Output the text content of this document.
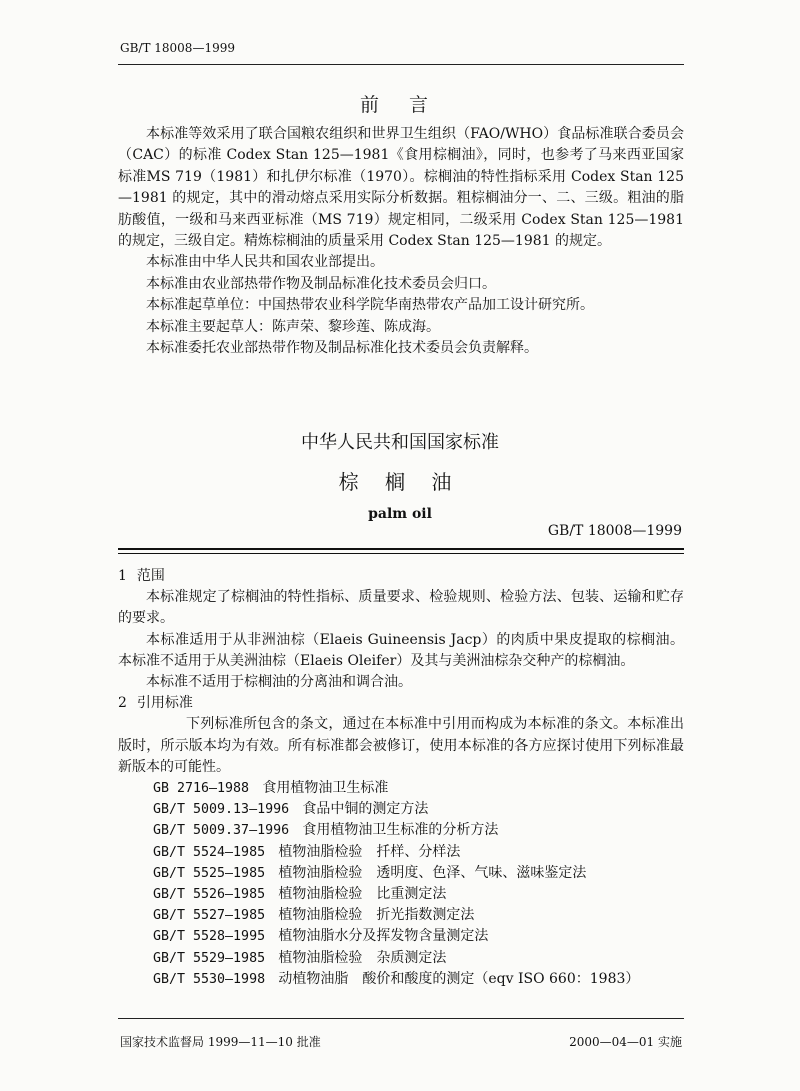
GB/T 18008—1999
前 言

本标准等效采用了联合国粮农组织和世界卫生组织（FAO/WHO）食品标准联合委员会（CAC）的标准 Codex Stan 125—1981《食用棕榈油》，同时，也参考了马来西亚国家标准MS 719（1981）和扎伊尔标准（1970）。棕榈油的特性指标采用 Codex Stan 125—1981 的规定，其中的滑动熔点采用实际分析数据。粗棕榈油分一、二、三级。粗油的脂肪酸值，一级和马来西亚标准（MS 719）规定相同，二级采用 Codex Stan 125—1981 的规定，三级自定。精炼棕榈油的质量采用 Codex Stan 125—1981 的规定。

本标准由中华人民共和国农业部提出。

本标准由农业部热带作物及制品标准化技术委员会归口。

本标准起草单位：中国热带农业科学院华南热带农产品加工设计研究所。

本标准主要起草人：陈声荣、黎珍莲、陈成海。

本标准委托农业部热带作物及制品标准化技术委员会负责解释。

中华人民共和国国家标准
棕 榈 油
palm oil
GB/T 18008—1999
1 范围

本标准规定了棕榈油的特性指标、质量要求、检验规则、检验方法、包装、运输和贮存的要求。

本标准适用于从非洲油棕（Elaeis Guineensis Jacp）的肉质中果皮提取的棕榈油。本标准不适用于从美洲油棕（Elaeis Oleifer）及其与美洲油棕杂交种产的棕榈油。

本标准不适用于棕榈油的分离油和调合油。

2 引用标准

下列标准所包含的条文，通过在本标准中引用而构成为本标准的条文。本标准出版时，所示版本均为有效。所有标准都会被修订，使用本标准的各方应探讨使用下列标准最新版本的可能性。

GB 2716—1988　 食用植物油卫生标准
GB/T 5009.13—1996　 食品中铜的测定方法
GB/T 5009.37—1996　 食用植物油卫生标准的分析方法
GB/T 5524—1985　 植物油脂检验　扦样、分样法
GB/T 5525—1985　 植物油脂检验　透明度、色泽、气味、滋味鉴定法
GB/T 5526—1985　 植物油脂检验　比重测定法
GB/T 5527—1985　 植物油脂检验　折光指数测定法
GB/T 5528—1995　 植物油脂水分及挥发物含量测定法
GB/T 5529—1985　 植物油脂检验　杂质测定法
GB/T 5530—1998　 动植物油脂　酸价和酸度的测定（eqv ISO 660：1983）
国家技术监督局 1999—11—10 批准	2000—04—01 实施
